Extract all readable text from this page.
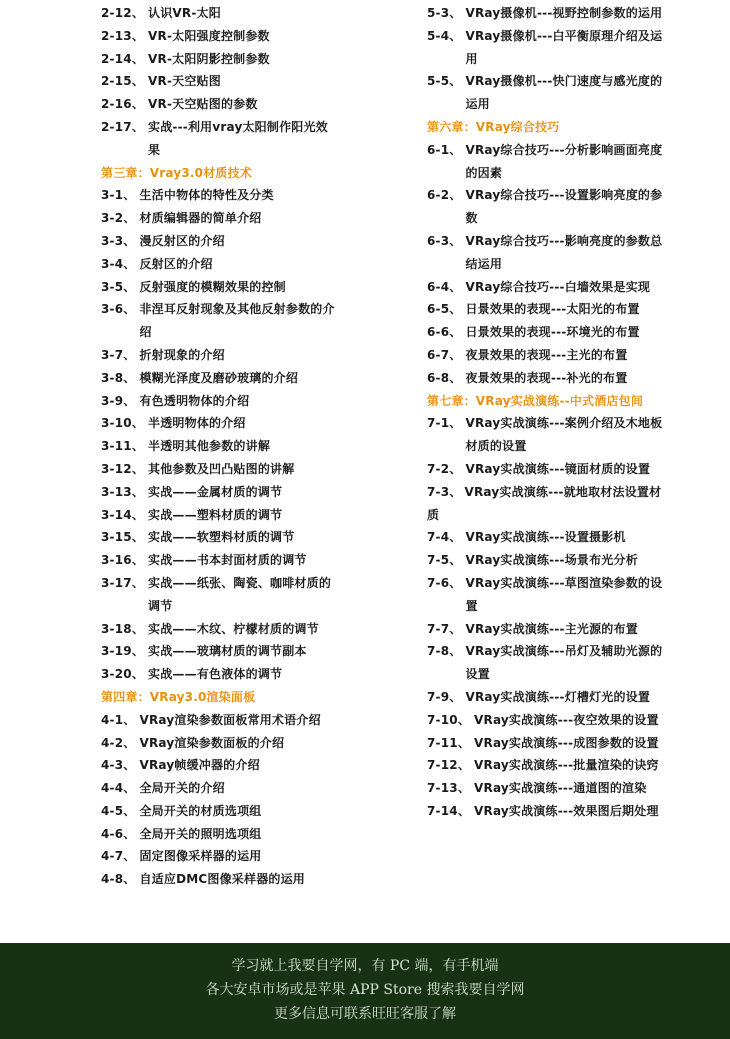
2-12、 认识VR-太阳
2-13、 VR-太阳强度控制参数
2-14、 VR-太阳阴影控制参数
2-15、 VR-天空贴图
2-16、 VR-天空贴图的参数
2-17、 实战---利用vray太阳制作阳光效果
第三章：Vray3.0材质技术
3-1、 生活中物体的特性及分类
3-2、 材质编辑器的简单介绍
3-3、 漫反射区的介绍
3-4、 反射区的介绍
3-5、 反射强度的模糊效果的控制
3-6、 非涅耳反射现象及其他反射参数的介绍
3-7、 折射现象的介绍
3-8、 模糊光泽度及磨砂玻璃的介绍
3-9、 有色透明物体的介绍
3-10、 半透明物体的介绍
3-11、 半透明其他参数的讲解
3-12、 其他参数及凹凸贴图的讲解
3-13、 实战——金属材质的调节
3-14、 实战——塑料材质的调节
3-15、 实战——软塑料材质的调节
3-16、 实战——书本封面材质的调节
3-17、 实战——纸张、陶瓷、咖啡材质的调节
3-18、 实战——木纹、柠檬材质的调节
3-19、 实战——玻璃材质的调节副本
3-20、 实战——有色液体的调节
第四章：VRay3.0渲染面板
4-1、 VRay渲染参数面板常用术语介绍
4-2、 VRay渲染参数面板的介绍
4-3、 VRay帧缓冲器的介绍
4-4、 全局开关的介绍
4-5、 全局开关的材质选项组
4-6、 全局开关的照明选项组
4-7、 固定图像采样器的运用
4-8、 自适应DMC图像采样器的运用
5-3、 VRay摄像机---视野控制参数的运用
5-4、 VRay摄像机---白平衡原理介绍及运用
5-5、 VRay摄像机---快门速度与感光度的运用
第六章：VRay综合技巧
6-1、 VRay综合技巧---分析影响画面亮度的因素
6-2、 VRay综合技巧---设置影响亮度的参数
6-3、 VRay综合技巧---影响亮度的参数总结运用
6-4、 VRay综合技巧---白墙效果是实现
6-5、 日景效果的表现---太阳光的布置
6-6、 日景效果的表现---环境光的布置
6-7、 夜景效果的表现---主光的布置
6-8、 夜景效果的表现---补光的布置
第七章：VRay实战演练--中式酒店包间
7-1、 VRay实战演练---案例介绍及木地板材质的设置
7-2、 VRay实战演练---镜面材质的设置
7-3、 VRay实战演练---就地取材法设置材质
7-4、 VRay实战演练---设置摄影机
7-5、 VRay实战演练---场景布光分析
7-6、 VRay实战演练---草图渲染参数的设置
7-7、 VRay实战演练---主光源的布置
7-8、 VRay实战演练---吊灯及辅助光源的设置
7-9、 VRay实战演练---灯槽灯光的设置
7-10、 VRay实战演练---夜空效果的设置
7-11、 VRay实战演练---成图参数的设置
7-12、 VRay实战演练---批量渲染的诀窍
7-13、 VRay实战演练---通道图的渲染
7-14、 VRay实战演练---效果图后期处理
学习就上我要自学网，有 PC 端，有手机端
各大安卓市场或是苹果 APP Store 搜索我要自学网
更多信息可联系旺旺客服了解
